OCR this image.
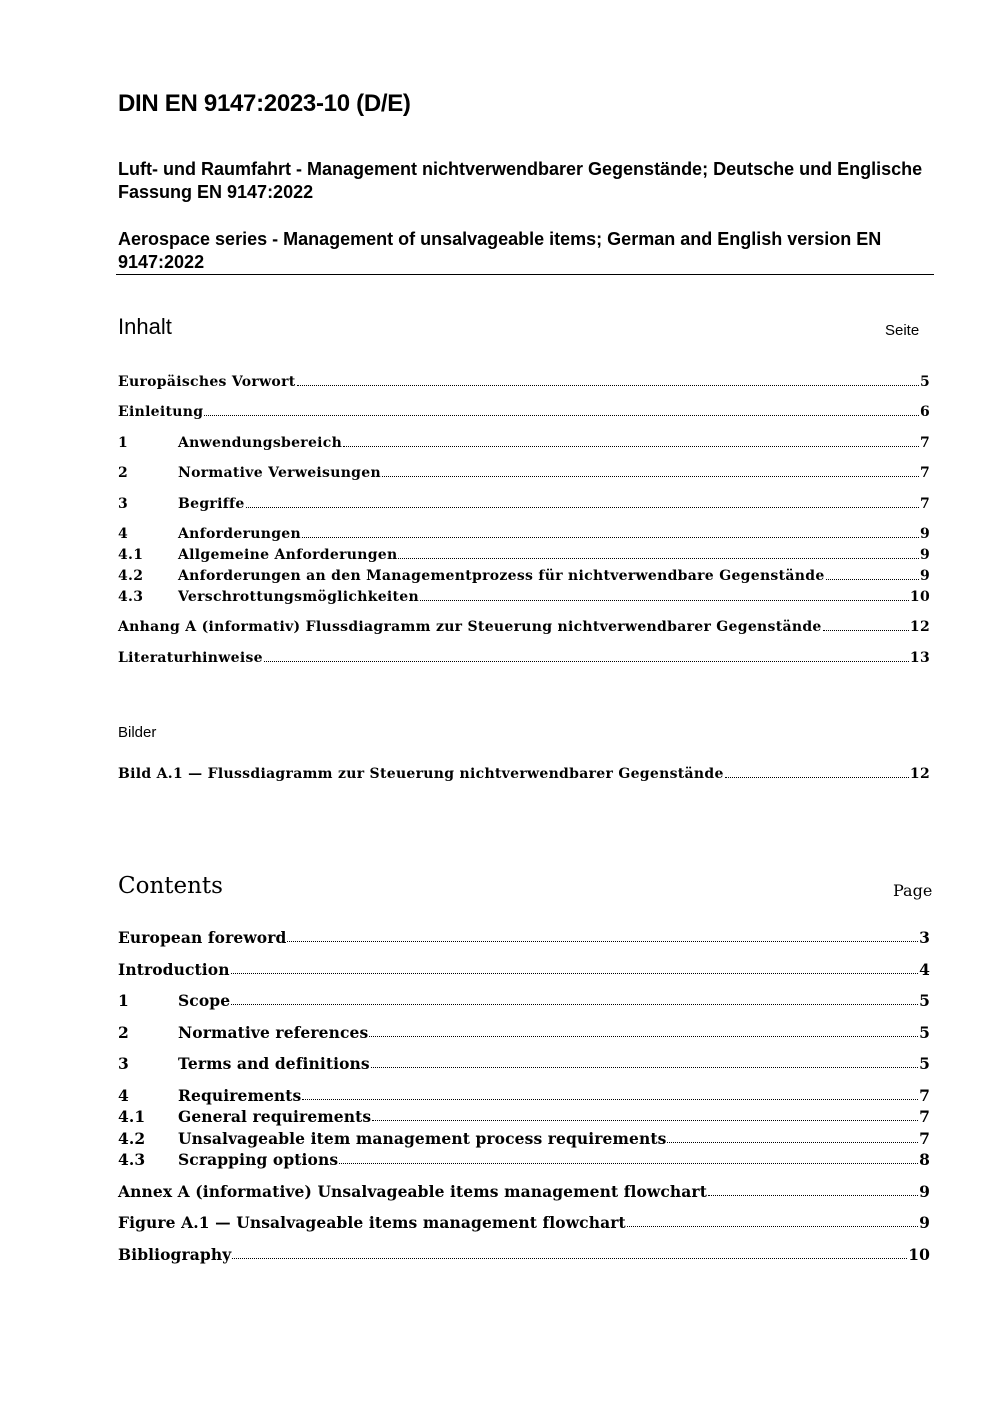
DIN EN 9147:2023-10 (D/E)
Luft- und Raumfahrt - Management nichtverwendbarer Gegenstände; Deutsche und Englische Fassung EN 9147:2022
Aerospace series - Management of unsalvageable items; German and English version EN 9147:2022
Inhalt	Seite
Europäisches Vorwort	5
Einleitung	6
1	Anwendungsbereich	7
2	Normative Verweisungen	7
3	Begriffe	7
4	Anforderungen	9
4.1	Allgemeine Anforderungen	9
4.2	Anforderungen an den Managementprozess für nichtverwendbare Gegenstände	9
4.3	Verschrottungsmöglichkeiten	10
Anhang A (informativ) Flussdiagramm zur Steuerung nichtverwendbarer Gegenstände	12
Literaturhinweise	13
Bilder
Bild A.1 — Flussdiagramm zur Steuerung nichtverwendbarer Gegenstände	12
Contents	Page
European foreword	3
Introduction	4
1	Scope	5
2	Normative references	5
3	Terms and definitions	5
4	Requirements	7
4.1	General requirements	7
4.2	Unsalvageable item management process requirements	7
4.3	Scrapping options	8
Annex A (informative) Unsalvageable items management flowchart	9
Figure A.1 — Unsalvageable items management flowchart	9
Bibliography	10
